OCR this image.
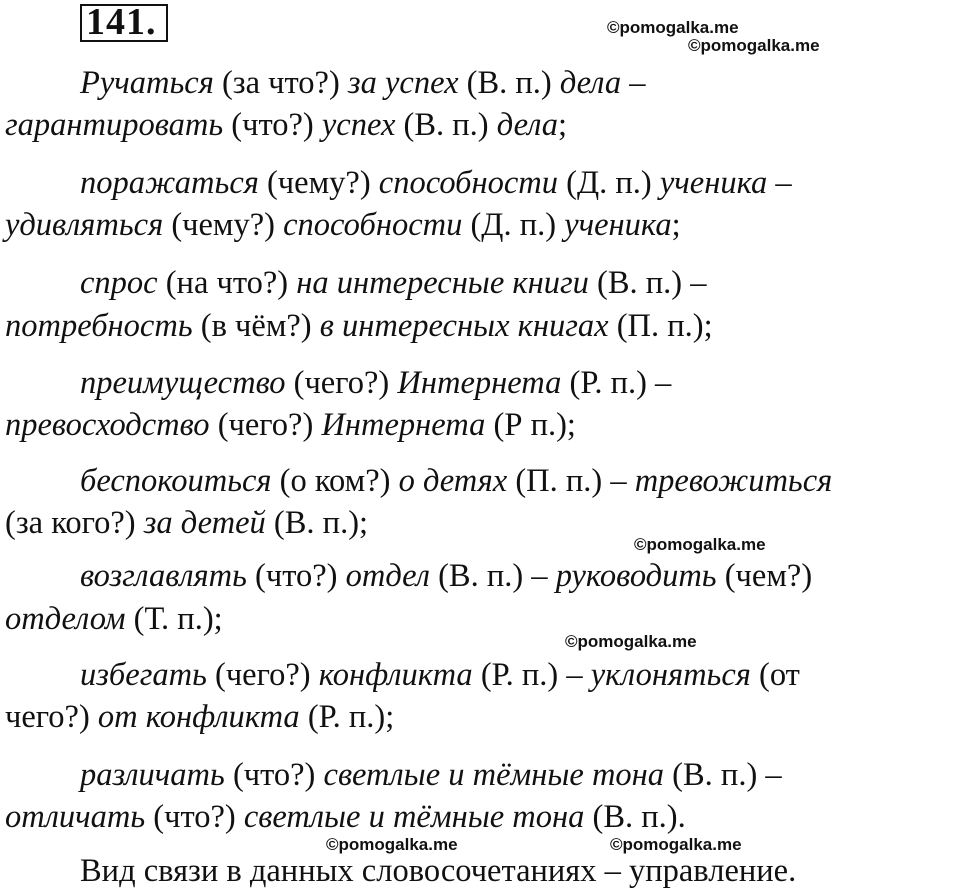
141.	©pomogalka.me
©pomogalka.me
©pomogalka.me
©pomogalka.me
©pomogalka.me	©pomogalka.me
Ручаться (за что?) за успех (В. п.) дела –
гарантировать (что?) успех (В. п.) дела;
поражаться (чему?) способности (Д. п.) ученика –
удивляться (чему?) способности (Д. п.) ученика;
спрос (на что?) на интересные книги (В. п.) –
потребность (в чём?) в интересных книгах (П. п.);
преимущество (чего?) Интернета (Р. п.) –
превосходство (чего?) Интернета (Р п.);
беспокоиться (о ком?) о детях (П. п.) – тревожиться
(за кого?) за детей (В. п.);
возглавлять (что?) отдел (В. п.) – руководить (чем?)
отделом (Т. п.);
избегать (чего?) конфликта (Р. п.) – уклоняться (от
чего?) от конфликта (Р. п.);
различать (что?) светлые и тёмные тона (В. п.) –
отличать (что?) светлые и тёмные тона (В. п.).
Вид связи в данных словосочетаниях – управление.
